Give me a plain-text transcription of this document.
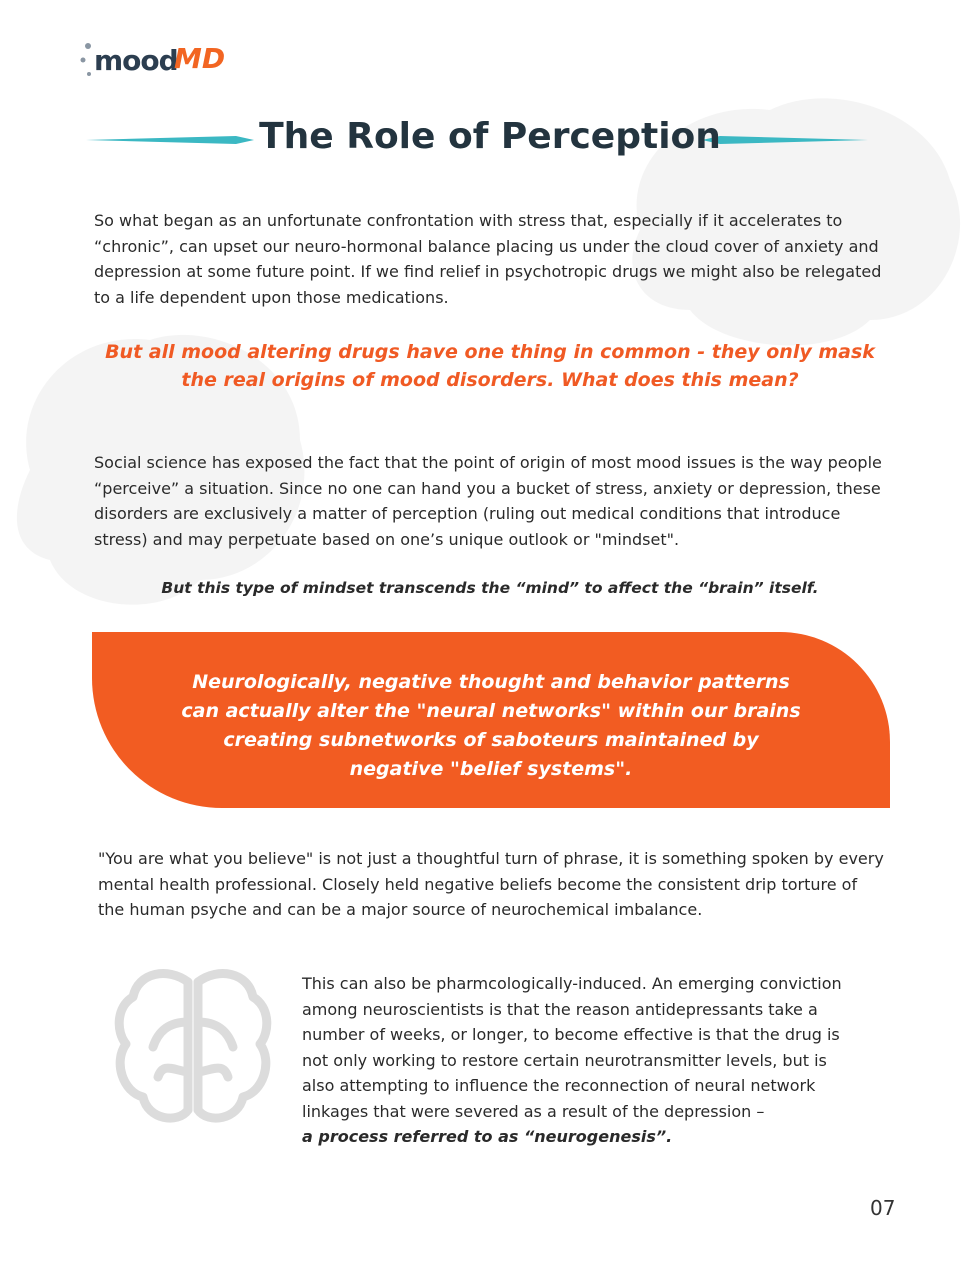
mood
MD
The Role of Perception
So what began as an unfortunate confrontation with stress that, especially if it accelerates to “chronic”, can upset our neuro-hormonal balance placing us under the cloud cover of anxiety and depression at some future point. If we find relief in psychotropic drugs we might also be relegated to a life dependent upon those medications.
But all mood altering drugs have one thing in common - they only mask
the real origins of mood disorders. What does this mean?
Social science has exposed the fact that the point of origin of most mood issues is the way people “perceive” a situation. Since no one can hand you a bucket of stress, anxiety or depression, these disorders are exclusively a matter of perception (ruling out medical conditions that introduce stress) and may perpetuate based on one’s unique outlook or "mindset".
But this type of mindset transcends the “mind” to affect the “brain” itself.
Neurologically, negative thought and behavior patterns
can actually alter the "neural networks" within our brains
creating subnetworks of saboteurs maintained by
negative "belief systems".
"You are what you believe" is not just a thoughtful turn of phrase, it is something spoken by every mental health professional. Closely held negative beliefs become the consistent drip torture of the human psyche and can be a major source of neurochemical imbalance.
This can also be pharmcologically-induced. An emerging conviction among neuroscientists is that the reason antidepressants take a number of weeks, or longer, to become effective is that the drug is not only working to restore certain neurotransmitter levels, but is also attempting to influence the reconnection of neural network linkages that were severed as a result of the depression –
a process referred to as “neurogenesis”.
07
